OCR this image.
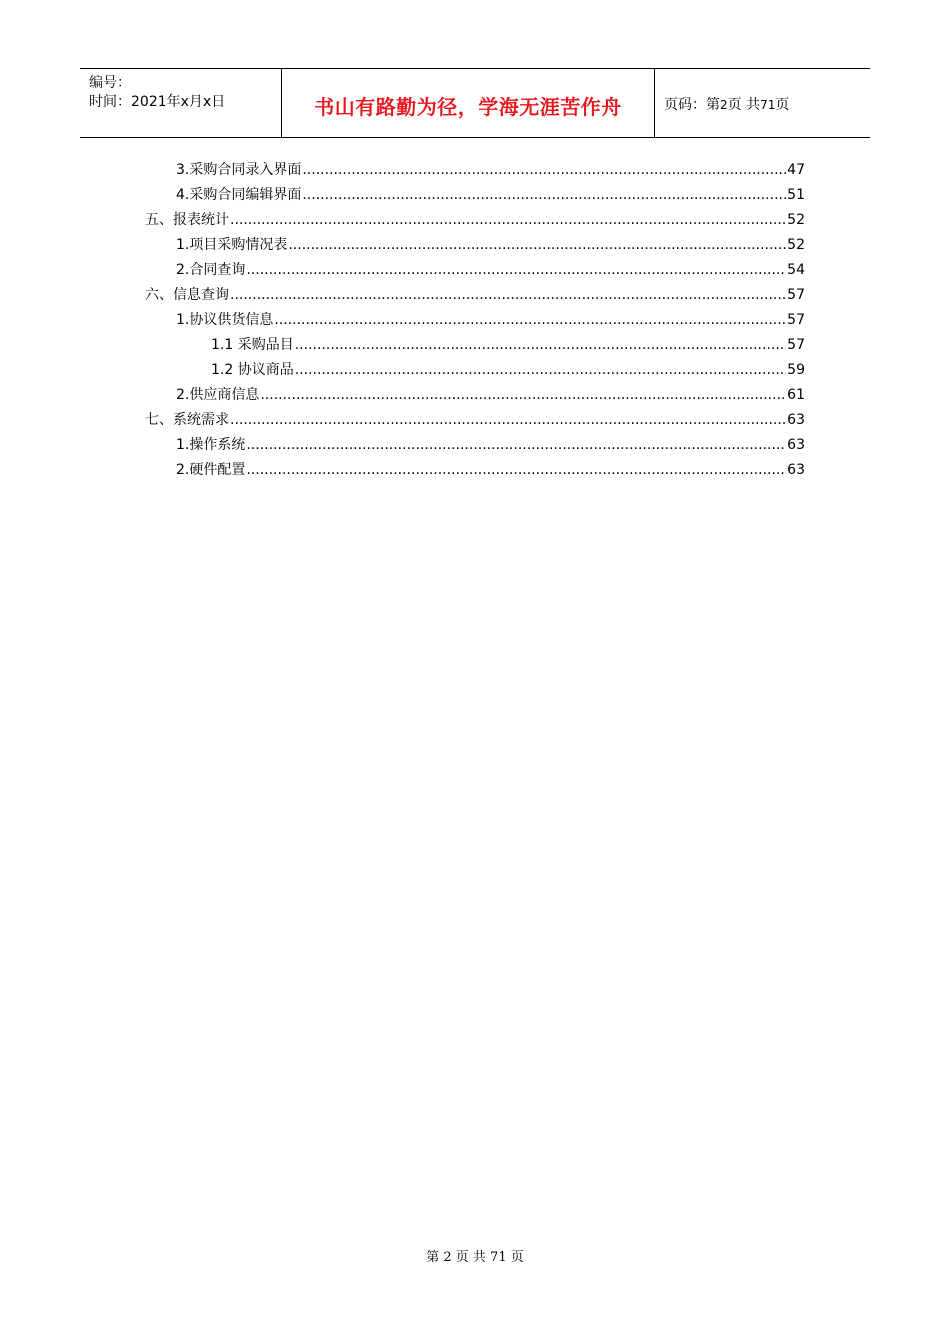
编号：
时间：2021年x月x日	书山有路勤为径，学海无涯苦作舟	页码：第2页 共71页
3.采购合同录入界面 .....	47
4.采购合同编辑界面 .....	51
五、报表统计 .....	52
1.项目采购情况表 .....	52
2.合同查询 .....	54
六、信息查询 .....	57
1.协议供货信息 .....	57
1.1 采购品目 .....	57
1.2 协议商品 .....	59
2.供应商信息 .....	61
七、系统需求 .....	63
1.操作系统 .....	63
2.硬件配置 .....	63
第 2 页 共 71 页
